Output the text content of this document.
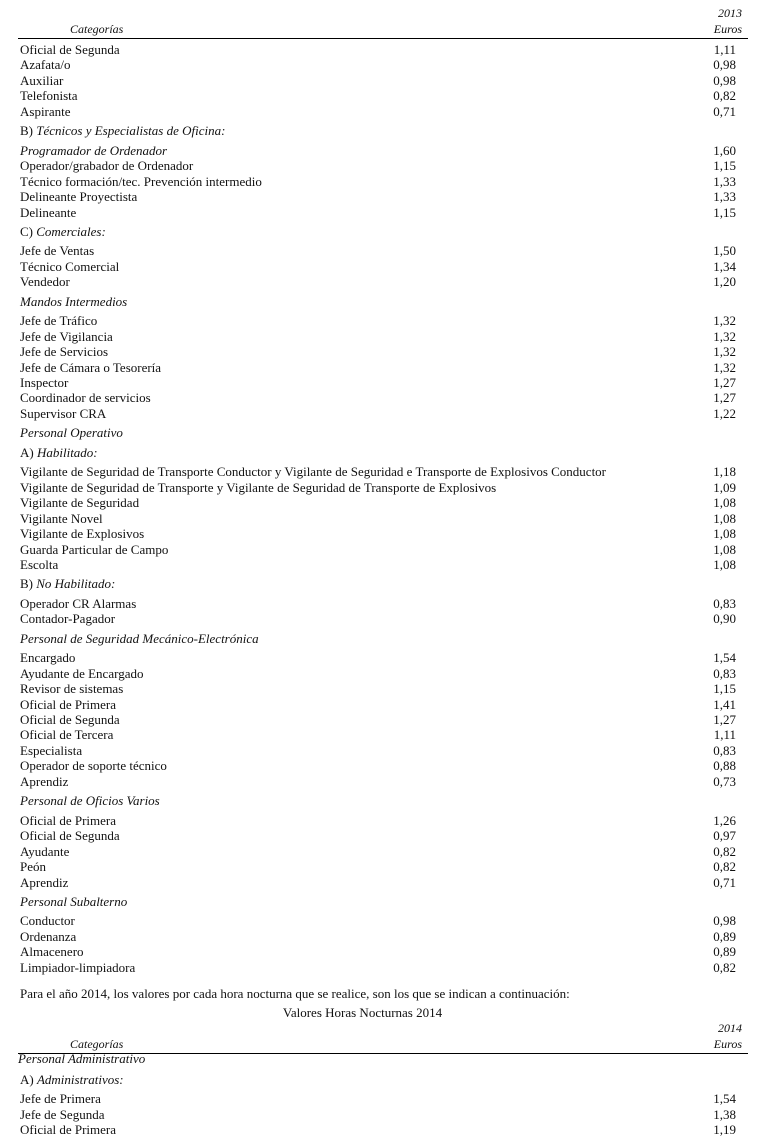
2013
Categorías	Euros
Oficial de Segunda	1,11
Azafata/o	0,98
Auxiliar	0,98
Telefonista	0,82
Aspirante	0,71
B) Técnicos y Especialistas de Oficina:
Programador de Ordenador	1,60
Operador/grabador de Ordenador	1,15
Técnico formación/tec. Prevención intermedio	1,33
Delineante Proyectista	1,33
Delineante	1,15
C) Comerciales:
Jefe de Ventas	1,50
Técnico Comercial	1,34
Vendedor	1,20
Mandos Intermedios
Jefe de Tráfico	1,32
Jefe de Vigilancia	1,32
Jefe de Servicios	1,32
Jefe de Cámara o Tesorería	1,32
Inspector	1,27
Coordinador de servicios	1,27
Supervisor CRA	1,22
Personal Operativo
A) Habilitado:
Vigilante de Seguridad de Transporte Conductor y Vigilante de Seguridad e Transporte de Explosivos Conductor	1,18
Vigilante de Seguridad de Transporte y Vigilante de Seguridad de Transporte de Explosivos	1,09
Vigilante de Seguridad	1,08
Vigilante Novel	1,08
Vigilante de Explosivos	1,08
Guarda Particular de Campo	1,08
Escolta	1,08
B) No Habilitado:
Operador CR Alarmas	0,83
Contador-Pagador	0,90
Personal de Seguridad Mecánico-Electrónica
Encargado	1,54
Ayudante de Encargado	0,83
Revisor de sistemas	1,15
Oficial de Primera	1,41
Oficial de Segunda	1,27
Oficial de Tercera	1,11
Especialista	0,83
Operador de soporte técnico	0,88
Aprendiz	0,73
Personal de Oficios Varios
Oficial de Primera	1,26
Oficial de Segunda	0,97
Ayudante	0,82
Peón	0,82
Aprendiz	0,71
Personal Subalterno
Conductor	0,98
Ordenanza	0,89
Almacenero	0,89
Limpiador-limpiadora	0,82
Para el año 2014, los valores por cada hora nocturna que se realice, son los que se indican a continuación:
Valores Horas Nocturnas 2014
2014
Categorías	Euros
Personal Administrativo
A) Administrativos:
Jefe de Primera	1,54
Jefe de Segunda	1,38
Oficial de Primera	1,19
